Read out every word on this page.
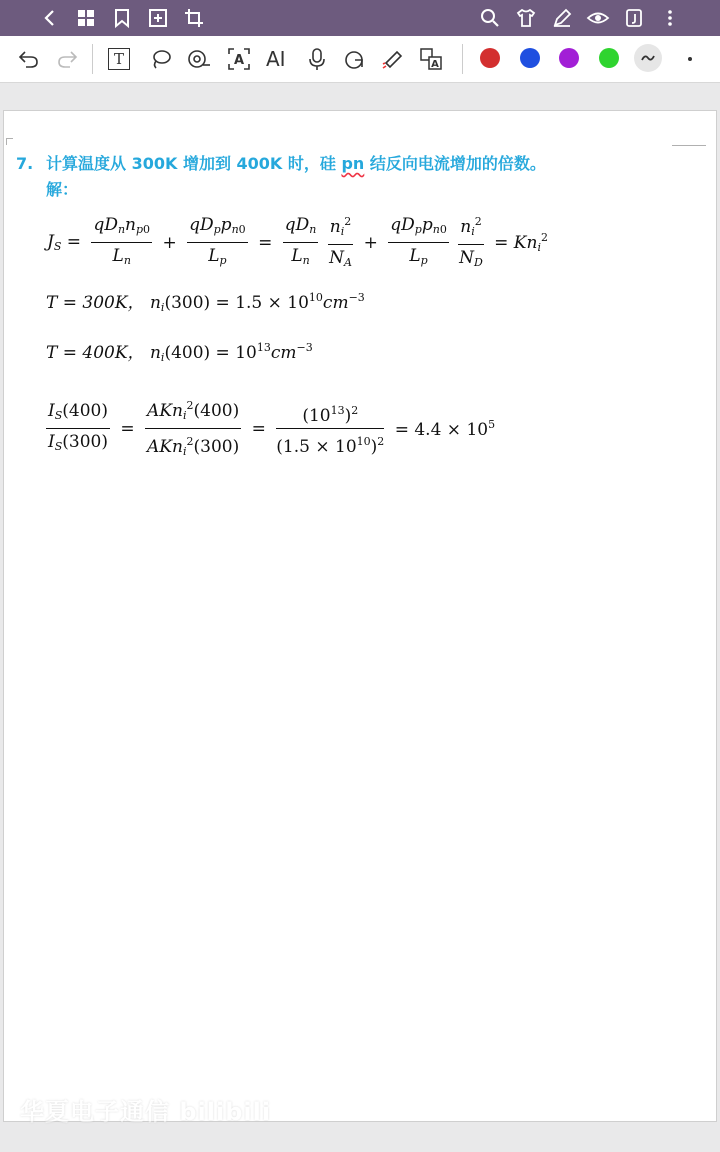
T	A AI	A
7. 计算温度从 300K 增加到 400K 时，硅 pn 结反向电流增加的倍数。
解：
$J_S$ =
$qD_nn_{p0}$
$L_n$
+
$qD_pp_{n0}$
$L_p$
=
$qD_n$
$L_n$
	$\frac{n_i^2}{N_A}$ +
$qD_pp_{n0}$
$L_p$
	$\frac{n_i^2}{N_D} = Kn_i^2$
T = 300K， $n_i(300) = 1.5 \times 10^{10}cm^{-3}$
T = 400K， $n_i(400) = 10^{13}cm^{-3}$
$\frac{I_S(400)}{I_S(300)}$ =
AKn$_i^2$(400)
AKn$_i^2$(300)
= $\frac{(10^{13})^2}{(1.5 \times 10^{10})^2} = 4.4 \times 10^5$
华夏电子通信 bilibili
